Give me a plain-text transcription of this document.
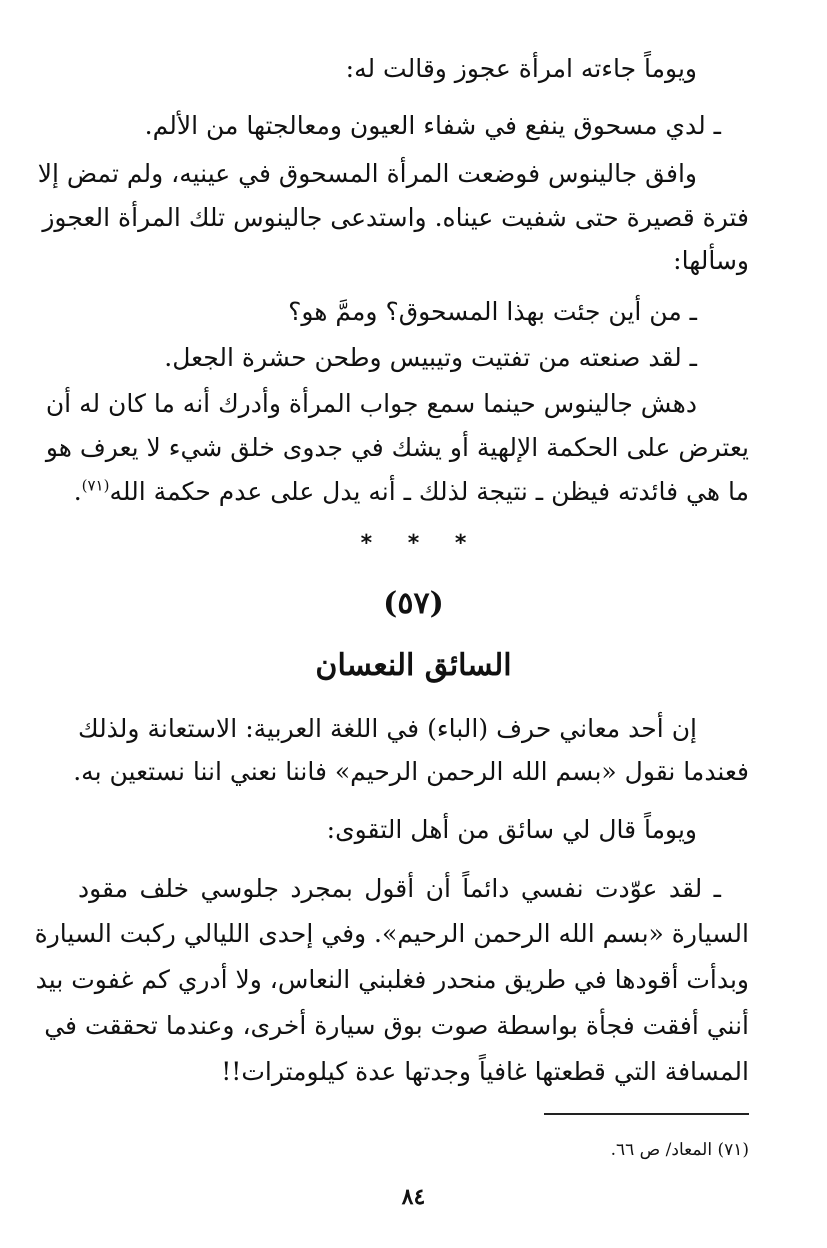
ويوماً جاءته امرأة عجوز وقالت له:
ـ لدي مسحوق ينفع في شفاء العيون ومعالجتها من الألم.
وافق جالينوس فوضعت المرأة المسحوق في عينيه، ولم تمض إلا
فترة قصيرة حتى شفيت عيناه. واستدعى جالينوس تلك المرأة العجوز
وسألها:
ـ من أين جئت بهذا المسحوق؟ وممَّ هو؟
ـ لقد صنعته من تفتيت وتيبيس وطحن حشرة الجعل.
دهش جالينوس حينما سمع جواب المرأة وأدرك أنه ما كان له أن
يعترض على الحكمة الإلهية أو يشك في جدوى خلق شيء لا يعرف هو
ما هي فائدته فيظن ـ نتيجة لذلك ـ أنه يدل على عدم حكمة الله$^{(٧١)}$.
* * *
(٥٧)
السائق النعسان
إن أحد معاني حرف (الباء) في اللغة العربية: الاستعانة ولذلك
فعندما نقول «بسم الله الرحمن الرحيم» فاننا نعني اننا نستعين به.
ويوماً قال لي سائق من أهل التقوى:
ـ لقد عوّدت نفسي دائماً أن أقول بمجرد جلوسي خلف مقود
السيارة «بسم الله الرحمن الرحيم». وفي إحدى الليالي ركبت السيارة
وبدأت أقودها في طريق منحدر فغلبني النعاس، ولا أدري كم غفوت بيد
أنني أفقت فجأة بواسطة صوت بوق سيارة أخرى، وعندما تحققت في
المسافة التي قطعتها غافياً وجدتها عدة كيلومترات!!
(٧١) المعاد/ ص ٦٦.
٨٤
